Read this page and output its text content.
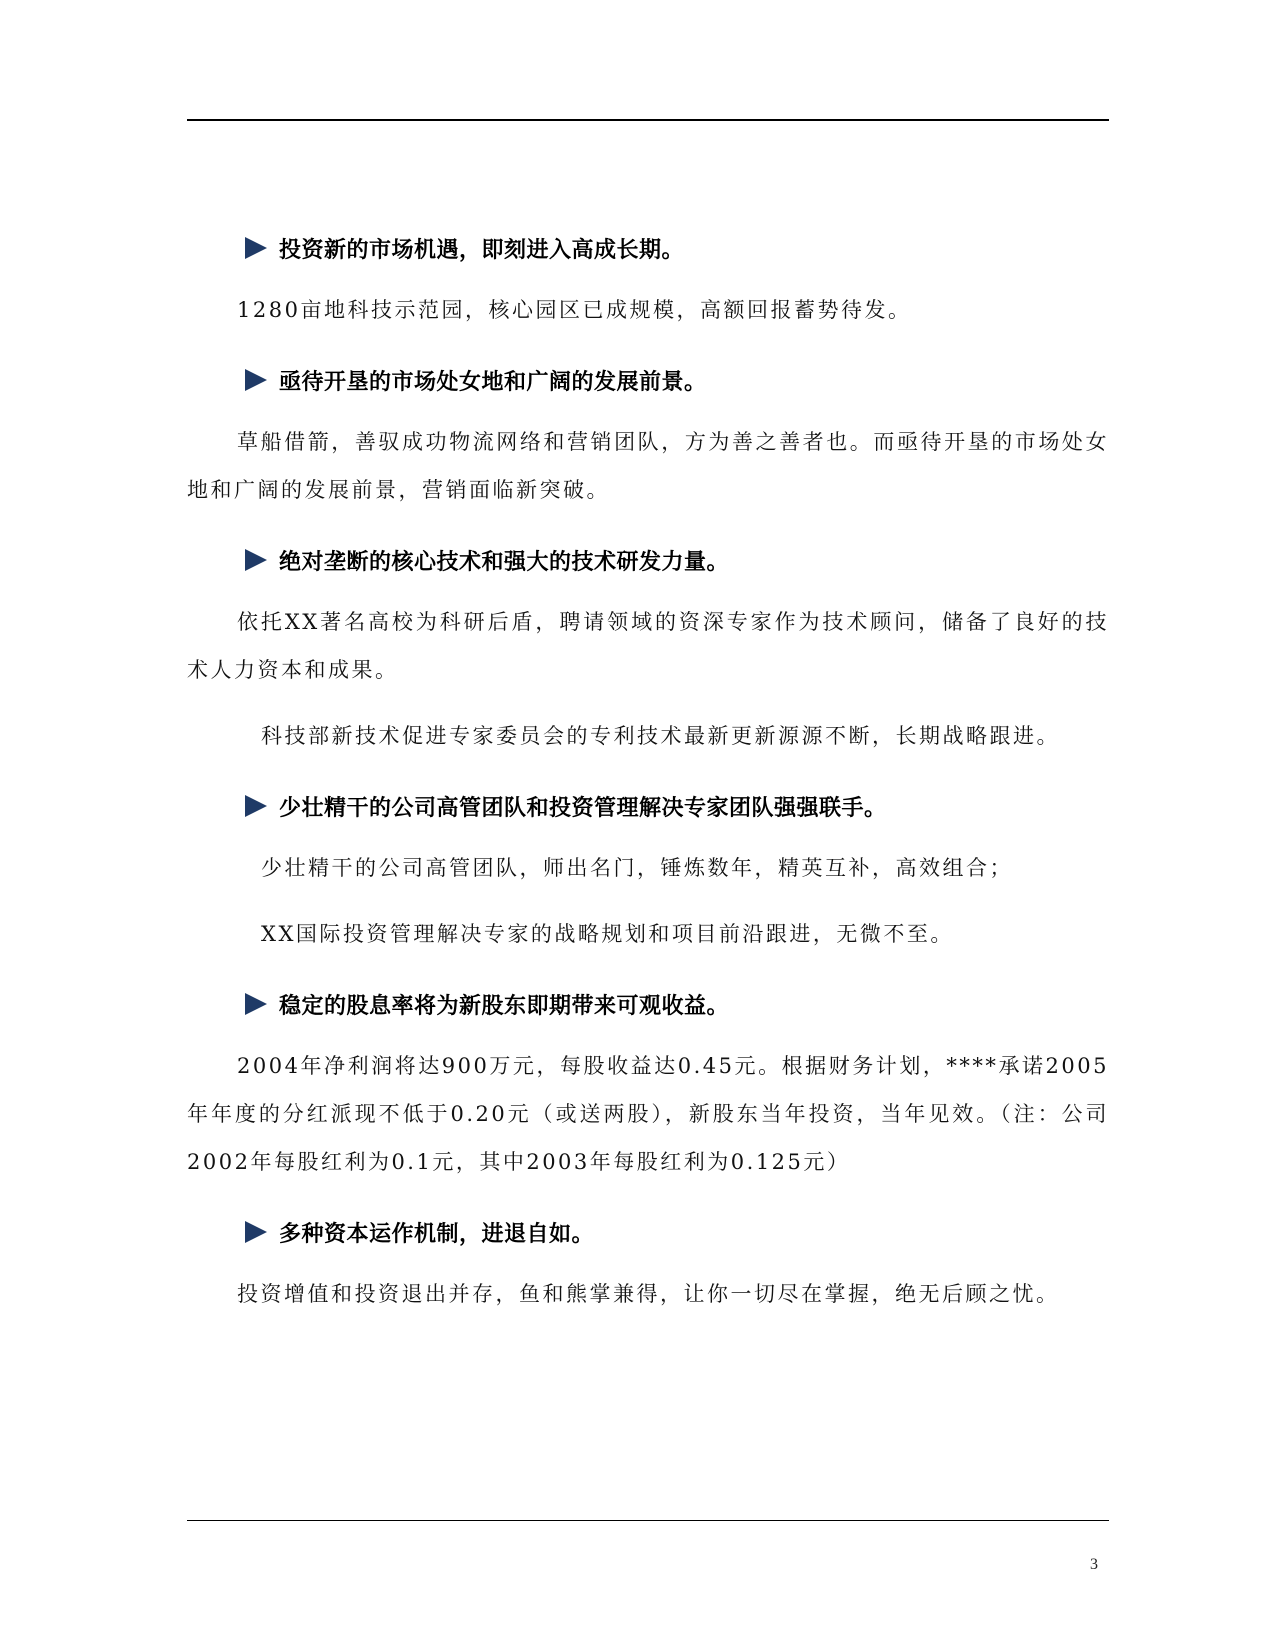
投资新的市场机遇，即刻进入高成长期。

1280亩地科技示范园，核心园区已成规模，高额回报蓄势待发。

亟待开垦的市场处女地和广阔的发展前景。

草船借箭，善驭成功物流网络和营销团队，方为善之善者也。而亟待开垦的市场处女地和广阔的发展前景，营销面临新突破。

绝对垄断的核心技术和强大的技术研发力量。

依托XX著名高校为科研后盾，聘请领域的资深专家作为技术顾问，储备了良好的技术人力资本和成果。

科技部新技术促进专家委员会的专利技术最新更新源源不断，长期战略跟进。

少壮精干的公司高管团队和投资管理解决专家团队强强联手。

少壮精干的公司高管团队，师出名门，锤炼数年，精英互补，高效组合；

XX国际投资管理解决专家的战略规划和项目前沿跟进，无微不至。

稳定的股息率将为新股东即期带来可观收益。

2004年净利润将达900万元，每股收益达0.45元。根据财务计划，****承诺2005年年度的分红派现不低于0.20元（或送两股），新股东当年投资，当年见效。（注：公司2002年每股红利为0.1元，其中2003年每股红利为0.125元）

多种资本运作机制，进退自如。

投资增值和投资退出并存，鱼和熊掌兼得，让你一切尽在掌握，绝无后顾之忧。

3
